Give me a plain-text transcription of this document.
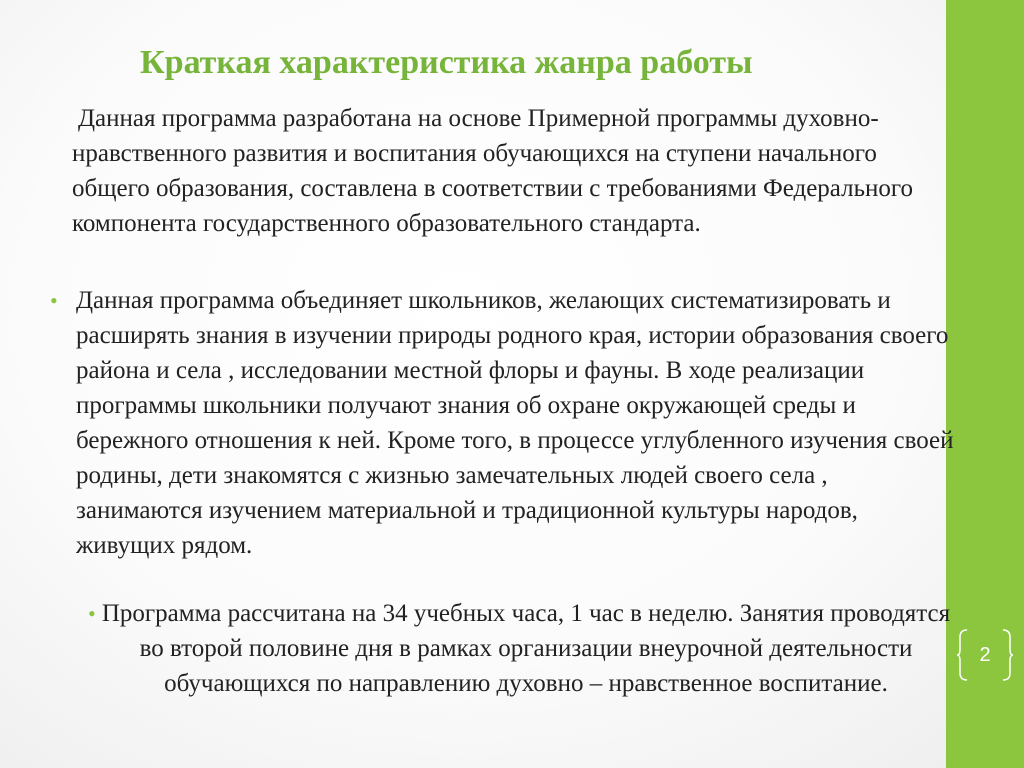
2
Краткая характеристика жанра работы

Данная программа разработана на основе Примерной программы духовно-нравственного развития и воспитания обучающихся на ступени начального общего образования, составлена в соответствии с требованиями Федерального компонента государственного образовательного стандарта.

• Данная программа объединяет школьников, желающих систематизировать и расширять знания в изучении природы родного края, истории образования своего района и села , исследовании местной флоры и фауны. В ходе реализации программы школьники получают знания об охране окружающей среды и бережного отношения к ней. Кроме того, в процессе углубленного изучения своей родины, дети знакомятся с жизнью замечательных людей своего села , занимаются изучением материальной и традиционной культуры народов, живущих рядом.

• Программа рассчитана на 34 учебных часа, 1 час в неделю. Занятия проводятся во второй половине дня в рамках организации внеурочной деятельности обучающихся по направлению духовно – нравственное воспитание.
